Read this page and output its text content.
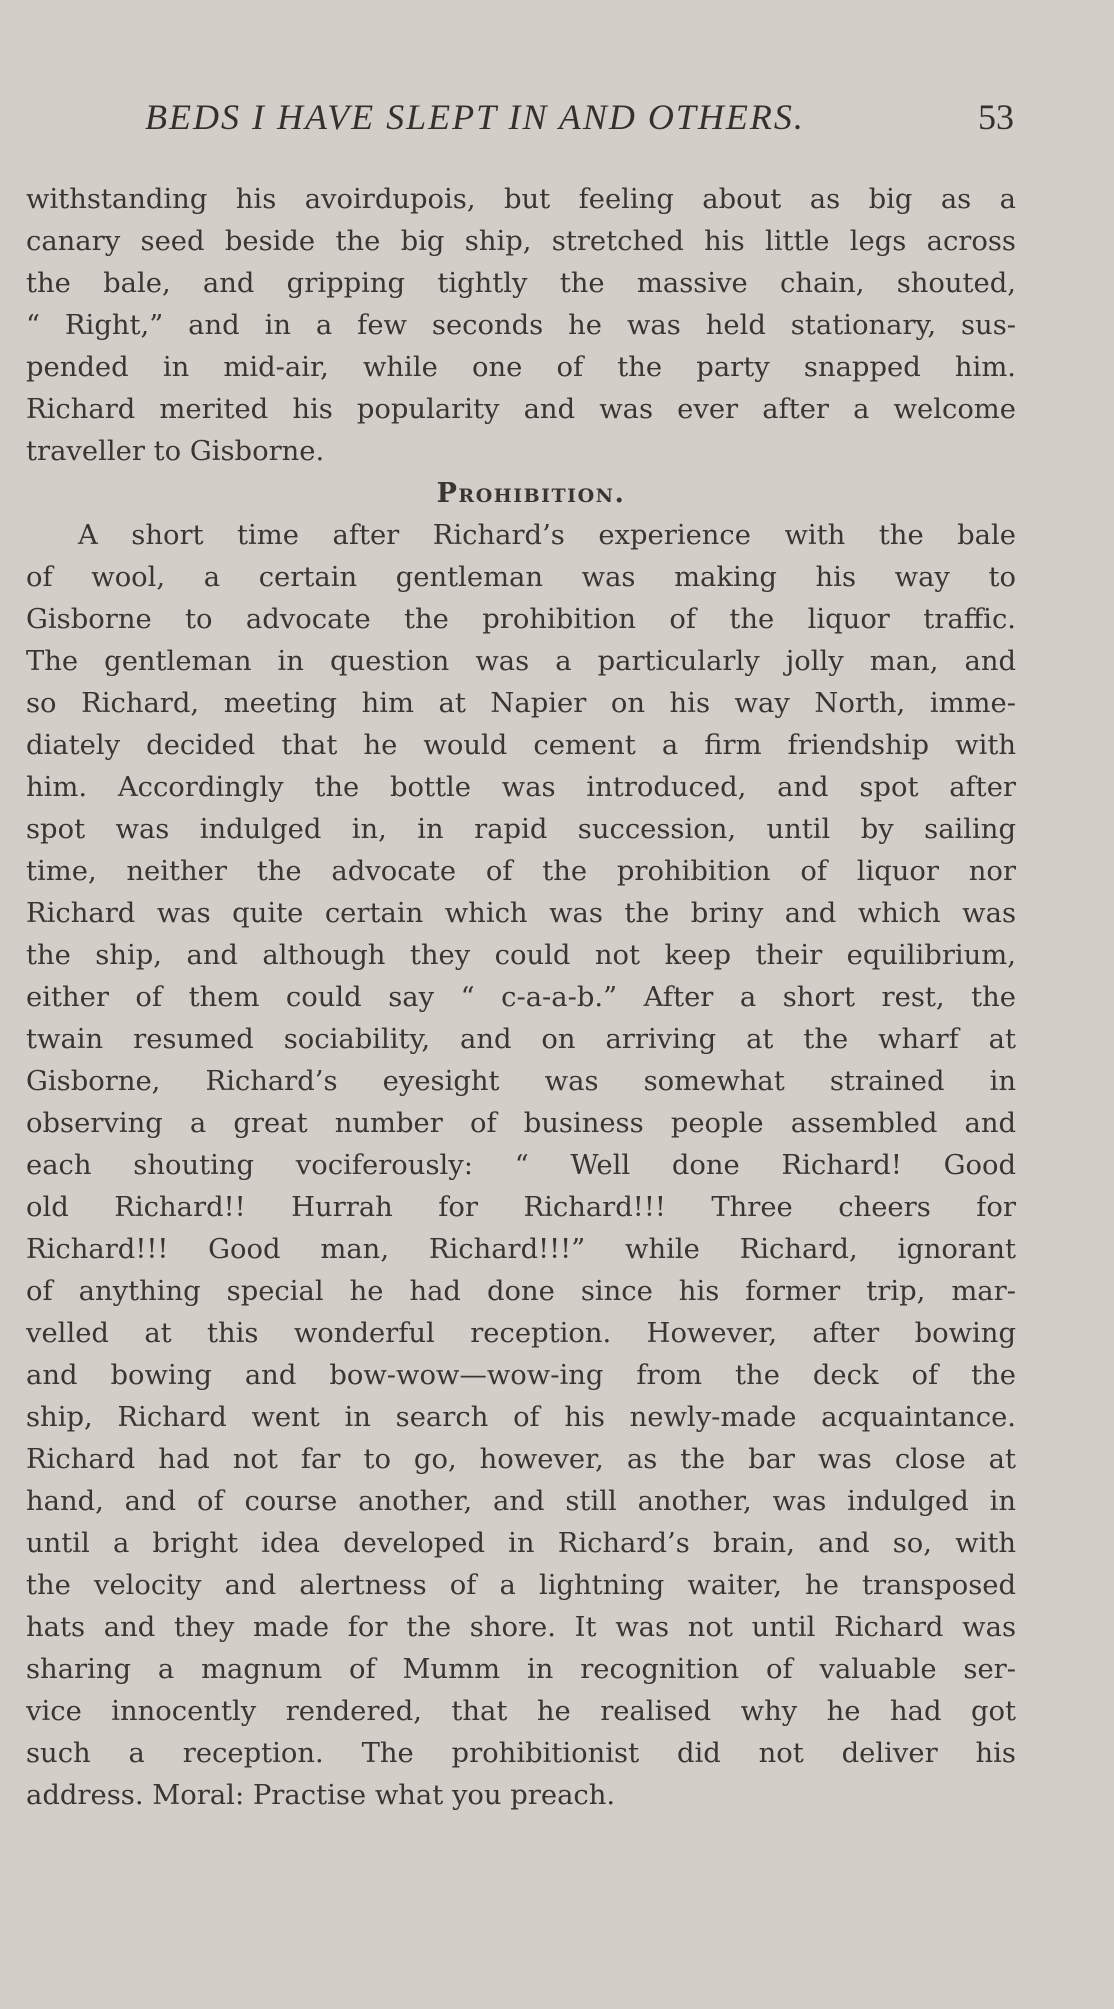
BEDS I HAVE SLEPT IN AND OTHERS.	53

withstanding his avoirdupois, but feeling about as big as a
canary seed beside the big ship, stretched his little legs across
the bale, and gripping tightly the massive chain, shouted,
“ Right,” and in a few seconds he was held stationary, sus-
pended in mid-air, while one of the party snapped him.
Richard merited his popularity and was ever after a welcome
traveller to Gisborne.

Prohibition.

A short time after Richard’s experience with the bale
of wool, a certain gentleman was making his way to
Gisborne to advocate the prohibition of the liquor traffic.
The gentleman in question was a particularly jolly man, and
so Richard, meeting him at Napier on his way North, imme-
diately decided that he would cement a firm friendship with
him. Accordingly the bottle was introduced, and spot after
spot was indulged in, in rapid succession, until by sailing
time, neither the advocate of the prohibition of liquor nor
Richard was quite certain which was the briny and which was
the ship, and although they could not keep their equilibrium,
either of them could say “ c-a-a-b.” After a short rest, the
twain resumed sociability, and on arriving at the wharf at
Gisborne, Richard’s eyesight was somewhat strained in
observing a great number of business people assembled and
each shouting vociferously: “ Well done Richard! Good
old Richard!! Hurrah for Richard!!! Three cheers for
Richard!!! Good man, Richard!!!” while Richard, ignorant
of anything special he had done since his former trip, mar-
velled at this wonderful reception. However, after bowing
and bowing and bow-wow—wow-ing from the deck of the
ship, Richard went in search of his newly-made acquaintance.
Richard had not far to go, however, as the bar was close at
hand, and of course another, and still another, was indulged in
until a bright idea developed in Richard’s brain, and so, with
the velocity and alertness of a lightning waiter, he transposed
hats and they made for the shore. It was not until Richard was
sharing a magnum of Mumm in recognition of valuable ser-
vice innocently rendered, that he realised why he had got
such a reception. The prohibitionist did not deliver his
address. Moral: Practise what you preach.
